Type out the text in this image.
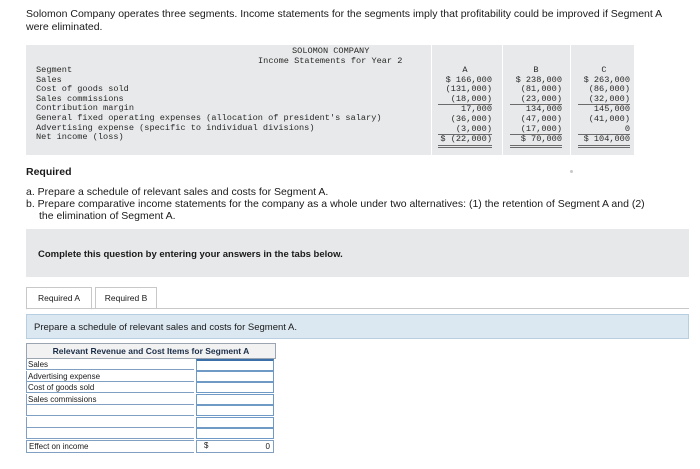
Solomon Company operates three segments. Income statements for the segments imply that profitability could be improved if Segment A were eliminated.
SOLOMON COMPANY
Income Statements for Year 2
Segment
Sales
Cost of goods sold
Sales commissions
Contribution margin
General fixed operating expenses (allocation of president's salary)
Advertising expense (specific to individual divisions)
Net income (loss)
A
$ 166,000
(131,000)
(18,000)
17,000
(36,000)
(3,000)
$ (22,000)
B
$ 238,000
(81,000)
(23,000)
134,000
(47,000)
(17,000)
$ 70,000
C
$ 263,000
(86,000)
(32,000)
145,000
(41,000)
0
$ 104,000
Required
a. Prepare a schedule of relevant sales and costs for Segment A.
b. Prepare comparative income statements for the company as a whole under two alternatives: (1) the retention of Segment A and (2)
the elimination of Segment A.
Complete this question by entering your answers in the tabs below.
Required A	Required B
Prepare a schedule of relevant sales and costs for Segment A.
Relevant Revenue and Cost Items for Segment A
Sales
Advertising expense
Cost of goods sold
Sales commissions
Effect on income	0
$
